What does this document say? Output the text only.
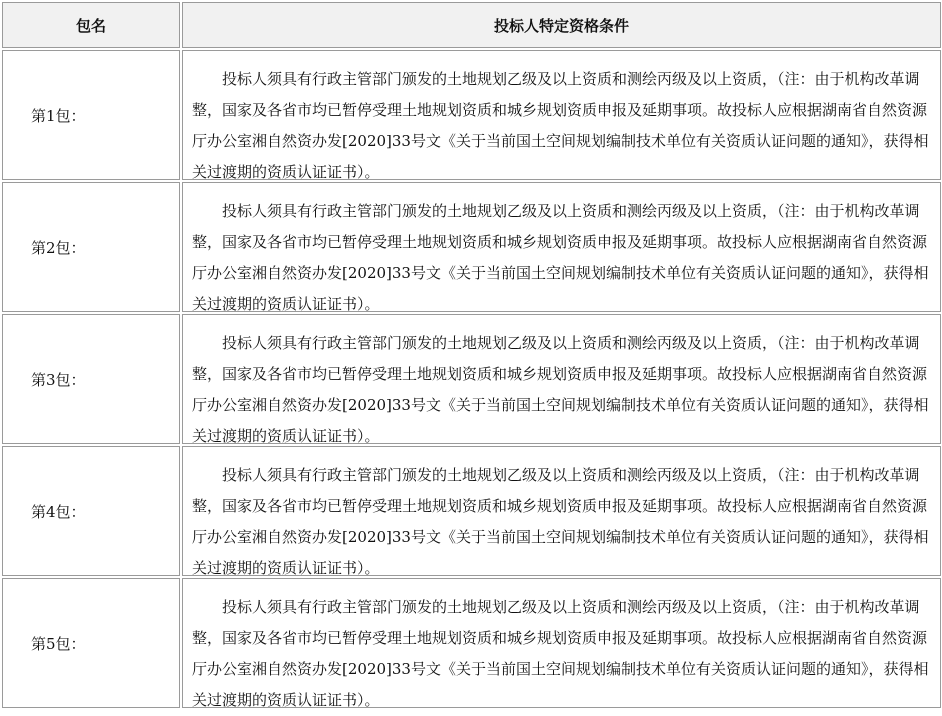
包名	投标人特定资格条件
第1包：
投标人须具有行政主管部门颁发的土地规划乙级及以上资质和测绘丙级及以上资质，（注：由于机构改革调整，国家及各省市均已暂停受理土地规划资质和城乡规划资质申报及延期事项。故投标人应根据湖南省自然资源厅办公室湘自然资办发[2020]33号文《关于当前国土空间规划编制技术单位有关资质认证问题的通知》，获得相关过渡期的资质认证证书）。
第2包：
投标人须具有行政主管部门颁发的土地规划乙级及以上资质和测绘丙级及以上资质，（注：由于机构改革调整，国家及各省市均已暂停受理土地规划资质和城乡规划资质申报及延期事项。故投标人应根据湖南省自然资源厅办公室湘自然资办发[2020]33号文《关于当前国土空间规划编制技术单位有关资质认证问题的通知》，获得相关过渡期的资质认证证书）。
第3包：
投标人须具有行政主管部门颁发的土地规划乙级及以上资质和测绘丙级及以上资质，（注：由于机构改革调整，国家及各省市均已暂停受理土地规划资质和城乡规划资质申报及延期事项。故投标人应根据湖南省自然资源厅办公室湘自然资办发[2020]33号文《关于当前国土空间规划编制技术单位有关资质认证问题的通知》，获得相关过渡期的资质认证证书）。
第4包：
投标人须具有行政主管部门颁发的土地规划乙级及以上资质和测绘丙级及以上资质，（注：由于机构改革调整，国家及各省市均已暂停受理土地规划资质和城乡规划资质申报及延期事项。故投标人应根据湖南省自然资源厅办公室湘自然资办发[2020]33号文《关于当前国土空间规划编制技术单位有关资质认证问题的通知》，获得相关过渡期的资质认证证书）。
第5包：
投标人须具有行政主管部门颁发的土地规划乙级及以上资质和测绘丙级及以上资质，（注：由于机构改革调整，国家及各省市均已暂停受理土地规划资质和城乡规划资质申报及延期事项。故投标人应根据湖南省自然资源厅办公室湘自然资办发[2020]33号文《关于当前国土空间规划编制技术单位有关资质认证问题的通知》，获得相关过渡期的资质认证证书）。
